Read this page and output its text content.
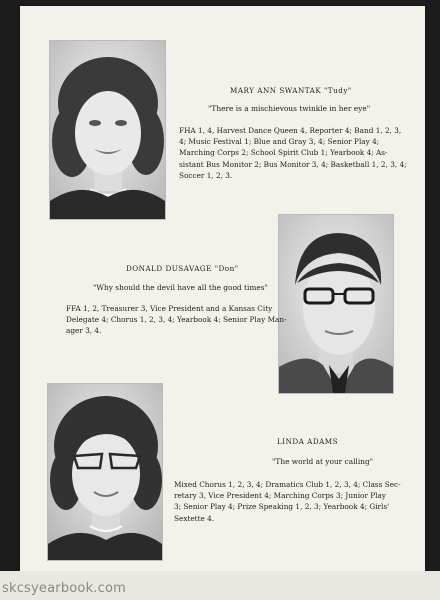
MARY ANN SWANTAK "Tudy"
"There is a mischievous twinkle in her eye"
FHA 1, 4, Harvest Dance Queen 4, Reporter 4; Band 1, 2, 3,
4; Music Festival 1; Blue and Gray 3, 4; Senior Play 4;
Marching Corps 2; School Spirit Club 1; Yearbook 4; As-
sistant Bus Monitor 2; Bus Monitor 3, 4; Basketball 1, 2, 3, 4;
Soccer 1, 2, 3.
DONALD DUSAVAGE "Don"
"Why should the devil have all the good times"
FFA 1, 2, Treasurer 3, Vice President and a Kansas City
Delegate 4; Chorus 1, 2, 3, 4; Yearbook 4; Senior Play Man-
ager 3, 4.
•
LINDA ADAMS
"The world at your calling"
Mixed Chorus 1, 2, 3, 4; Dramatics Club 1, 2, 3, 4; Class Sec-
retary 3, Vice President 4; Marching Corps 3; Junior Play
3; Senior Play 4; Prize Speaking 1, 2, 3; Yearbook 4; Girls'
Sextette 4.
skcsyearbook.com
